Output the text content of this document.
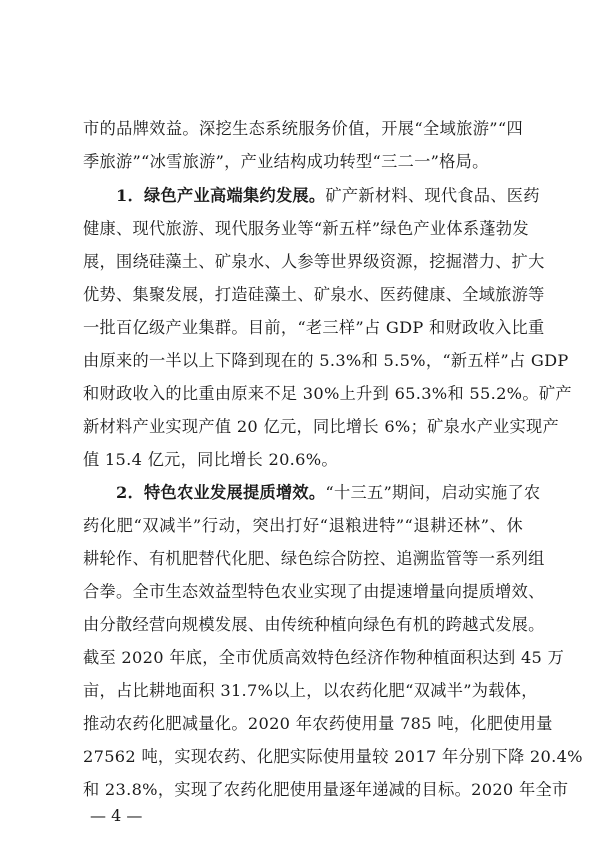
市的品牌效益。深挖生态系统服务价值，开展“全域旅游”“四
季旅游”“冰雪旅游”，产业结构成功转型“三二一”格局。
1．绿色产业高端集约发展。矿产新材料、现代食品、医药
健康、现代旅游、现代服务业等“新五样”绿色产业体系蓬勃发
展，围绕硅藻土、矿泉水、人参等世界级资源，挖掘潜力、扩大
优势、集聚发展，打造硅藻土、矿泉水、医药健康、全域旅游等
一批百亿级产业集群。目前，“老三样”占 GDP 和财政收入比重
由原来的一半以上下降到现在的 5.3%和 5.5%，“新五样”占 GDP
和财政收入的比重由原来不足 30%上升到 65.3%和 55.2%。矿产
新材料产业实现产值 20 亿元，同比增长 6%；矿泉水产业实现产
值 15.4 亿元，同比增长 20.6%。
2．特色农业发展提质增效。“十三五”期间，启动实施了农
药化肥“双减半”行动，突出打好“退粮进特”“退耕还林”、休
耕轮作、有机肥替代化肥、绿色综合防控、追溯监管等一系列组
合拳。全市生态效益型特色农业实现了由提速增量向提质增效、
由分散经营向规模发展、由传统种植向绿色有机的跨越式发展。
截至 2020 年底，全市优质高效特色经济作物种植面积达到 45 万
亩，占比耕地面积 31.7%以上，以农药化肥“双减半”为载体，
推动农药化肥减量化。2020 年农药使用量 785 吨，化肥使用量
27562 吨，实现农药、化肥实际使用量较 2017 年分别下降 20.4%
和 23.8%，实现了农药化肥使用量逐年递减的目标。2020 年全市
— 4 —
